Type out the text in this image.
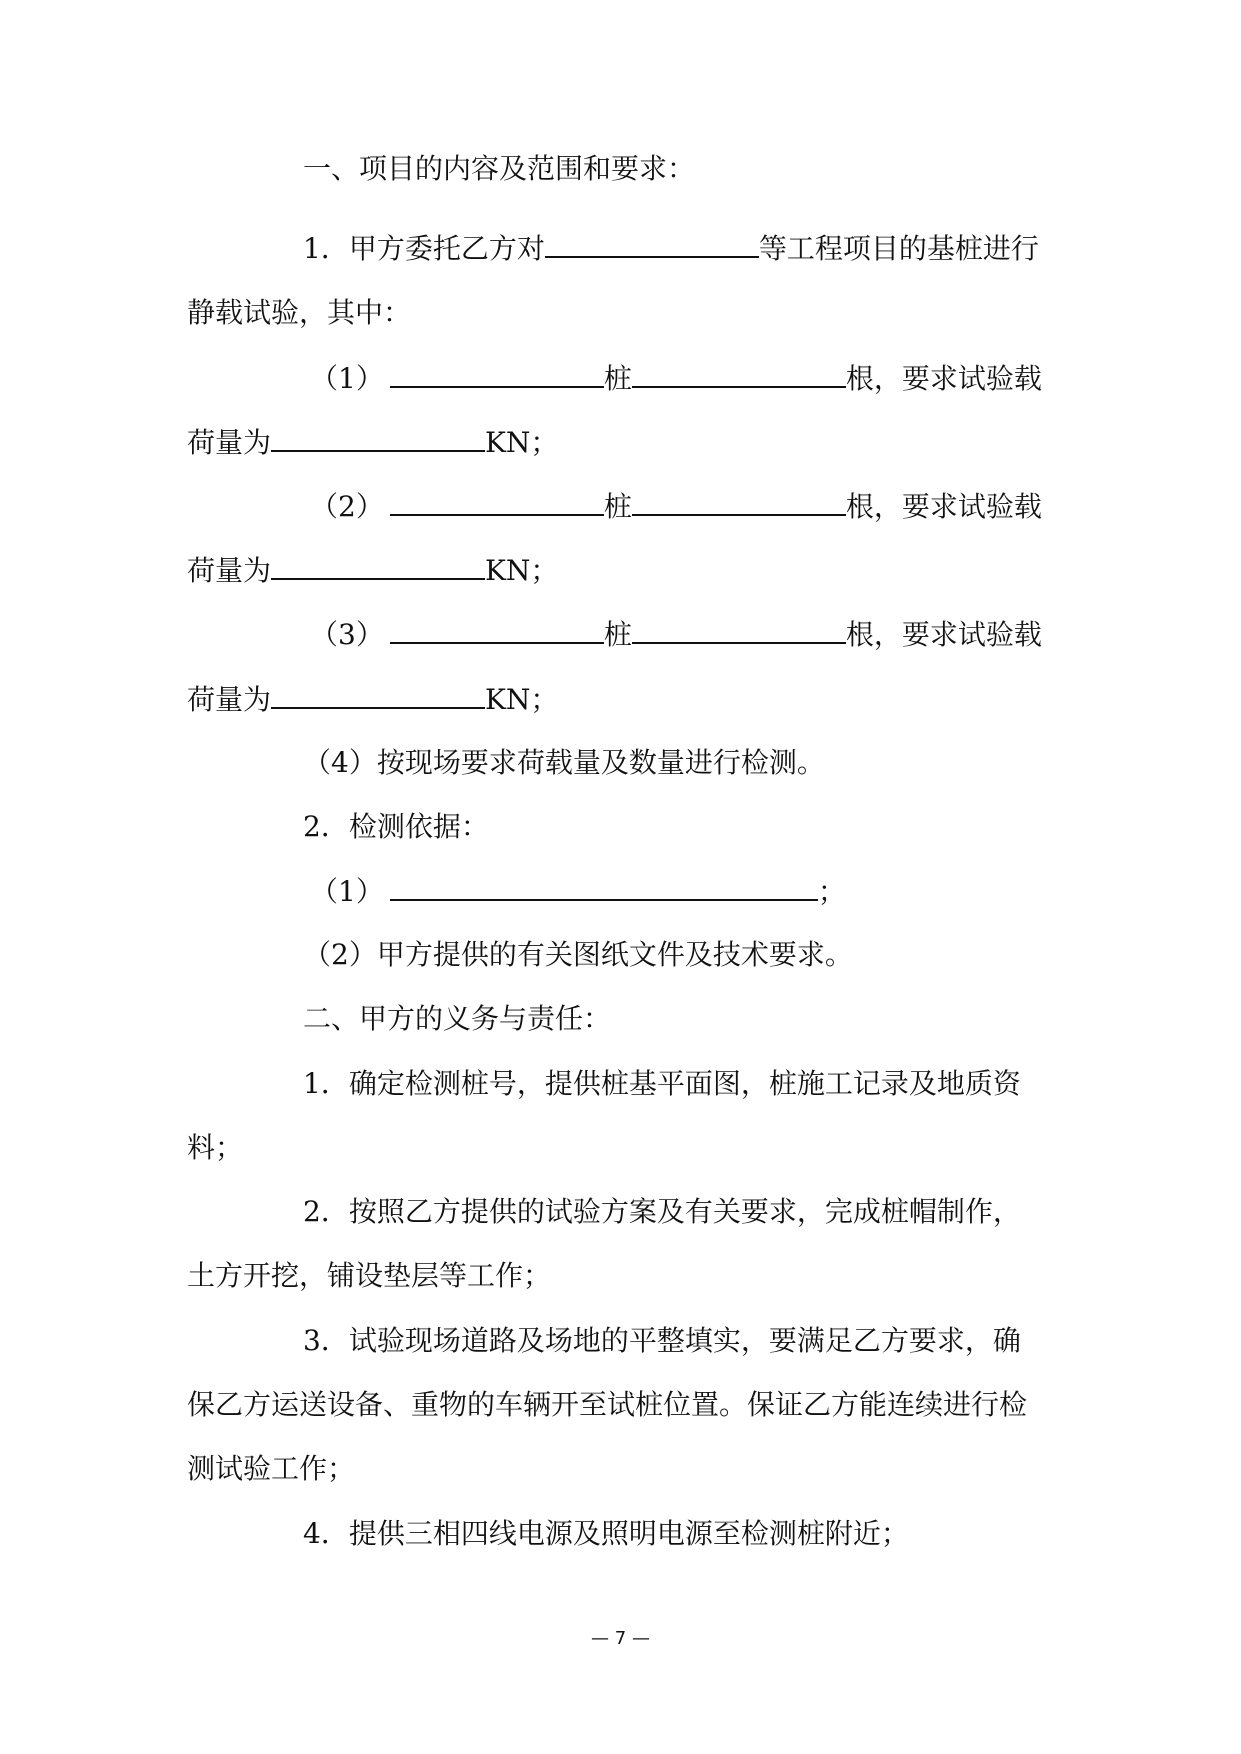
一、项目的内容及范围和要求：
1．甲方委托乙方对	等工程项目的基桩进行
静载试验，其中：
（1）	桩	根，要求试验载
荷量为	KN；
（2）	桩	根，要求试验载
荷量为	KN；
（3）	桩	根，要求试验载
荷量为	KN；
（4）按现场要求荷载量及数量进行检测。
2．检测依据：
（1）	；
（2）甲方提供的有关图纸文件及技术要求。
二、甲方的义务与责任：
1．确定检测桩号，提供桩基平面图，桩施工记录及地质资
料；
2．按照乙方提供的试验方案及有关要求，完成桩帽制作，
土方开挖，铺设垫层等工作；
3．试验现场道路及场地的平整填实，要满足乙方要求，确
保乙方运送设备、重物的车辆开至试桩位置。保证乙方能连续进行检
测试验工作；
4．提供三相四线电源及照明电源至检测桩附近；
— 7 —
